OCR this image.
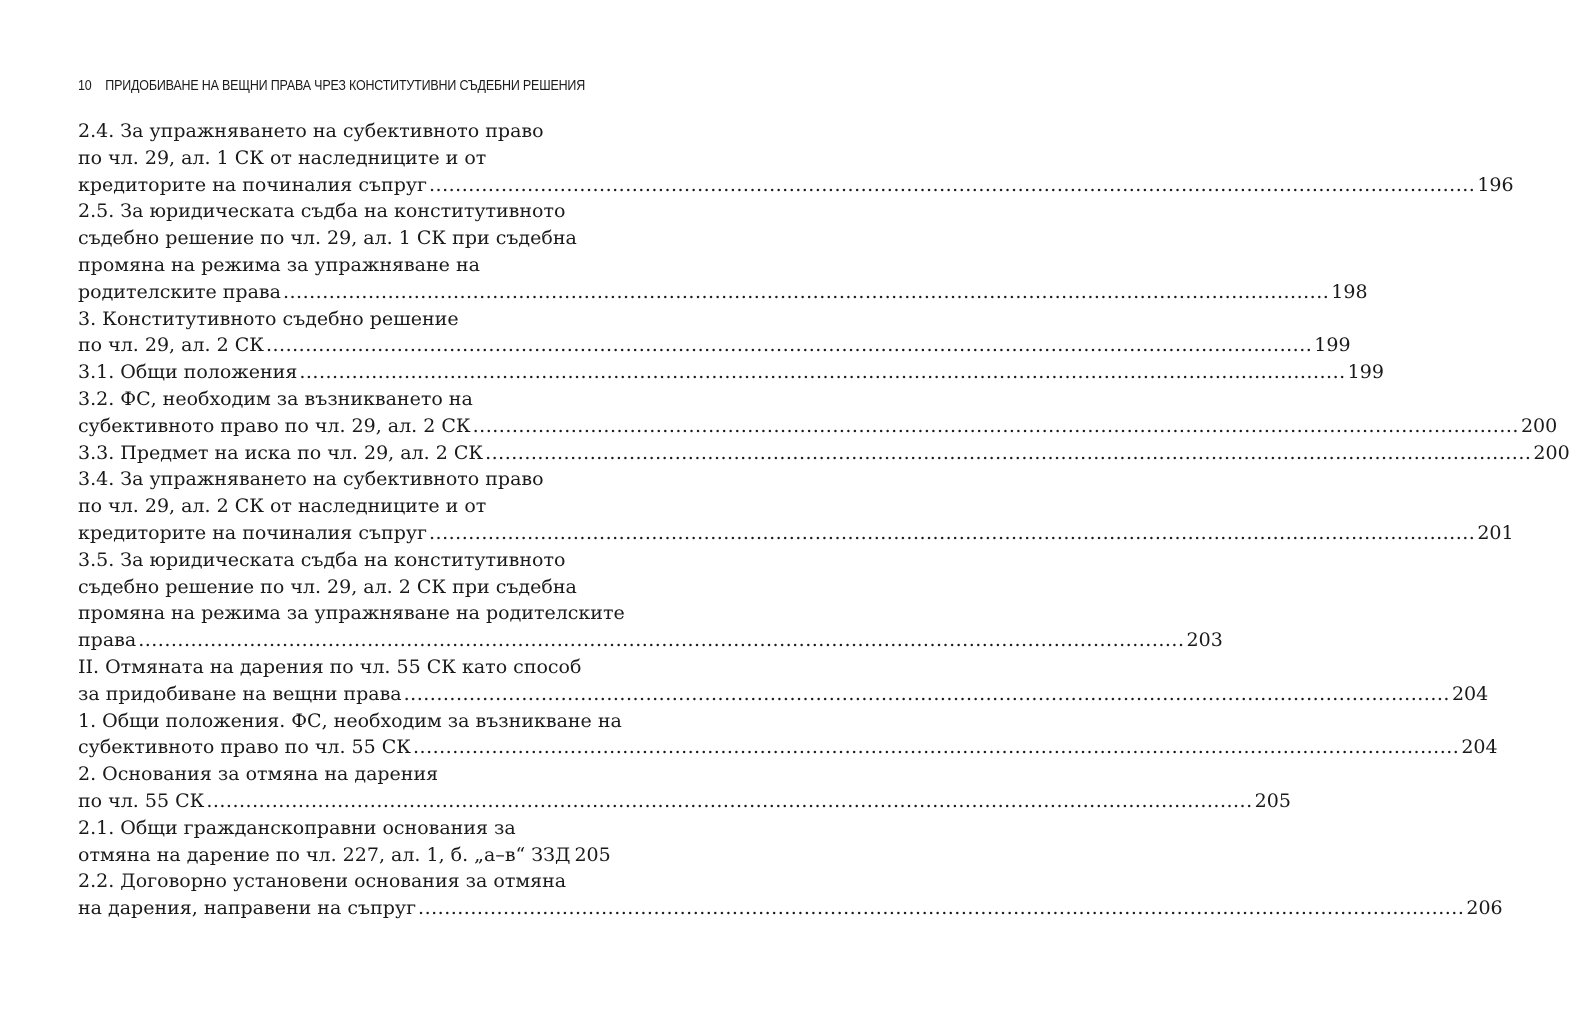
10 ПРИДОБИВАНЕ НА ВЕЩНИ ПРАВА ЧРЕЗ КОНСТИТУТИВНИ СЪДЕБНИ РЕШЕНИЯ
2.4. За упражняването на субективното право
по чл. 29, ал. 1 СК от наследниците и от
кредиторите на починалия съпруг .....	196
2.5. За юридическата съдба на конститутивното
съдебно решение по чл. 29, ал. 1 СК при съдебна
промяна на режима за упражняване на
родителските права .....	198
3. Конститутивното съдебно решение
по чл. 29, ал. 2 СК .....	199
3.1. Общи положения .....	199
3.2. ФС, необходим за възникването на
субективното право по чл. 29, ал. 2 СК .....	200
3.3. Предмет на иска по чл. 29, ал. 2 СК .....	200
3.4. За упражняването на субективното право
по чл. 29, ал. 2 СК от наследниците и от
кредиторите на починалия съпруг .....	201
3.5. За юридическата съдба на конститутивното
съдебно решение по чл. 29, ал. 2 СК при съдебна
промяна на режима за упражняване на родителските
права .....	203
II. Отмяната на дарения по чл. 55 СК като способ
за придобиване на вещни права .....	204
1. Общи положения. ФС, необходим за възникване на
субективното право по чл. 55 СК .....	204
2. Основания за отмяна на дарения
по чл. 55 СК .....	205
2.1. Общи гражданскоправни основания за
отмяна на дарение по чл. 227, ал. 1, б. „а–в“ ЗЗД 205
2.2. Договорно установени основания за отмяна
на дарения, направени на съпруг .....	206
